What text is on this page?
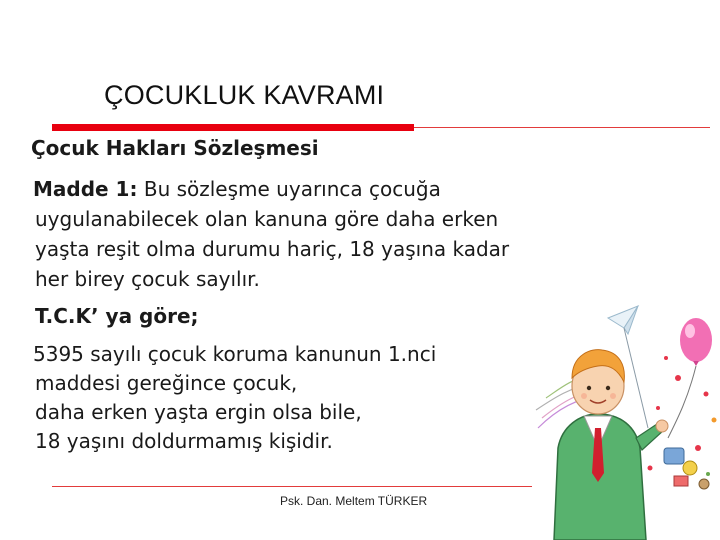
ÇOCUKLUK KAVRAMI
Çocuk Hakları Sözleşmesi
Madde 1: Bu sözleşme uyarınca çocuğa
uygulanabilecek olan kanuna göre daha erken
yaşta reşit olma durumu hariç, 18 yaşına kadar
her birey çocuk sayılır.
T.C.K’ ya göre;
5395 sayılı çocuk koruma kanunun 1.nci
maddesi gereğince çocuk,
daha erken yaşta ergin olsa bile,
18 yaşını doldurmamış kişidir.
Psk. Dan. Meltem TÜRKER
